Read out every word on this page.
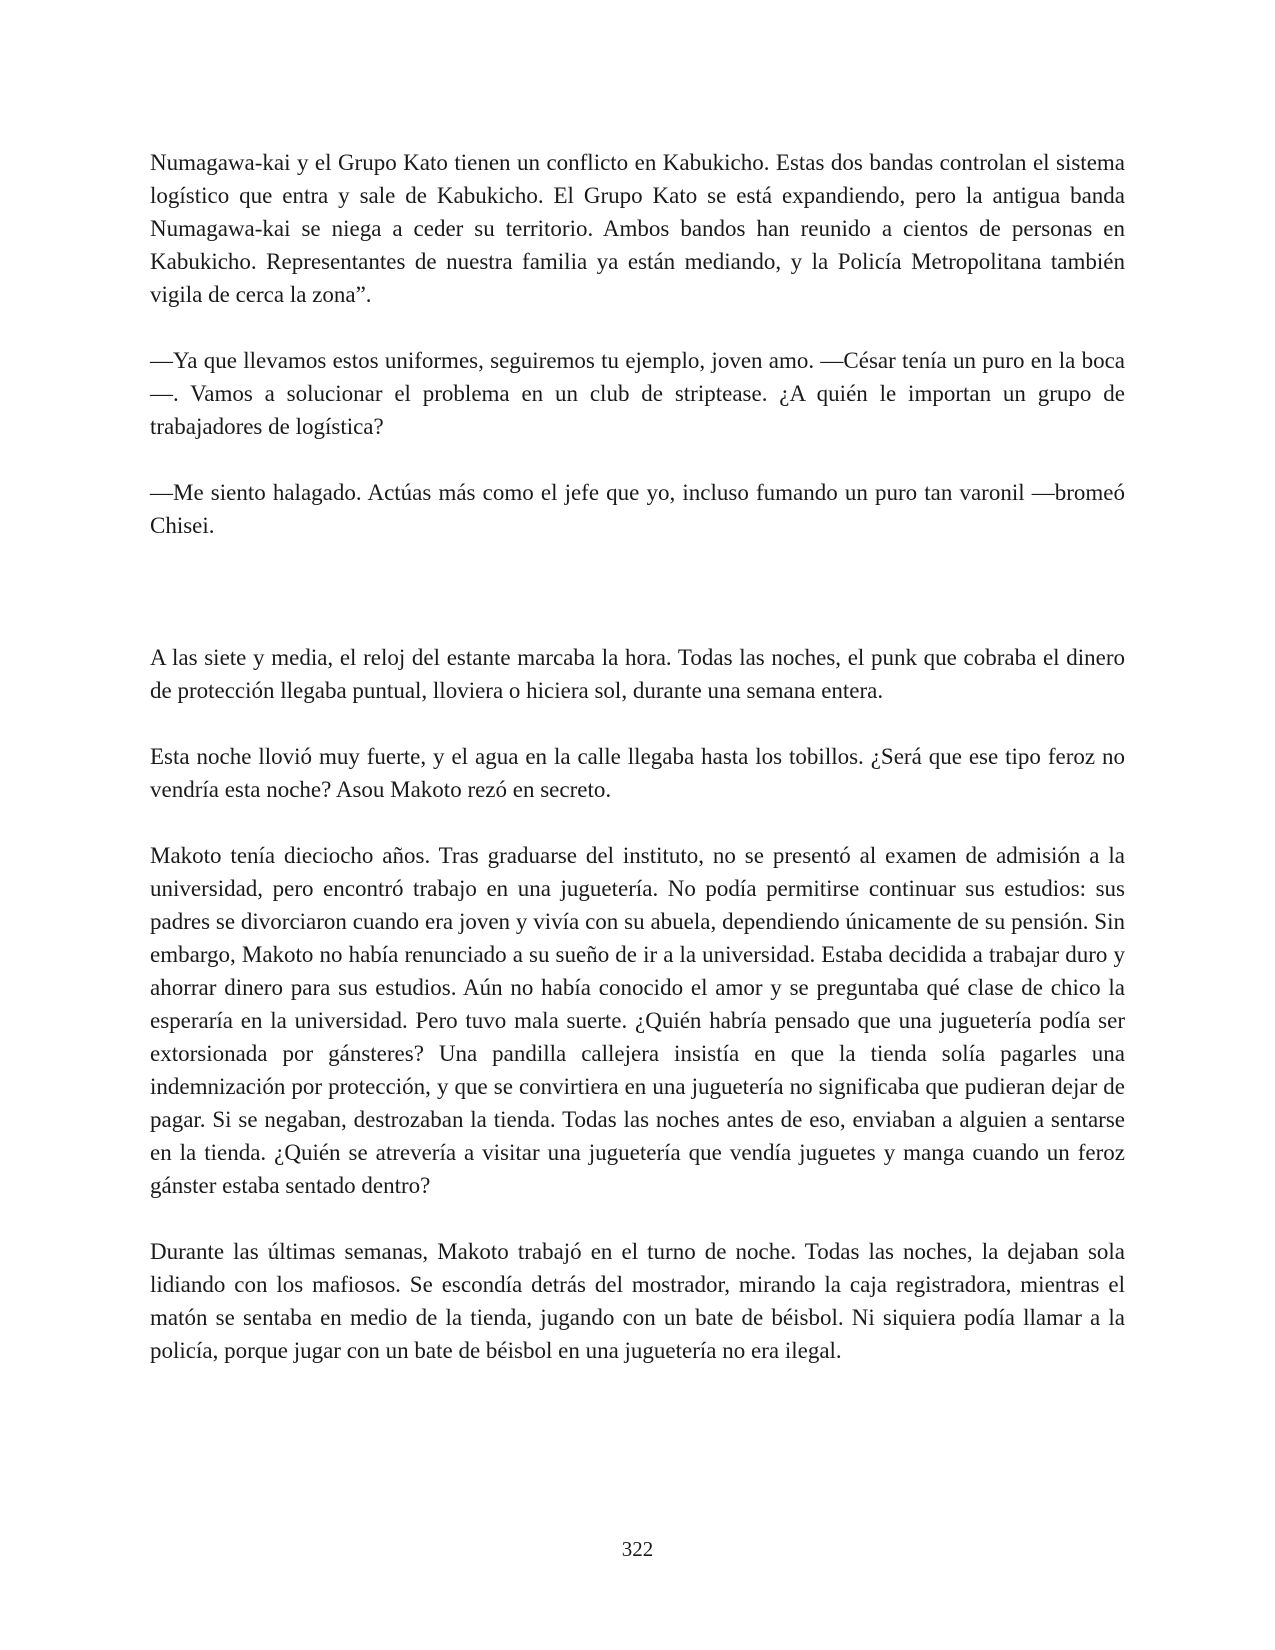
Numagawa-kai y el Grupo Kato tienen un conflicto en Kabukicho. Estas dos bandas controlan el sistema logístico que entra y sale de Kabukicho. El Grupo Kato se está expandiendo, pero la antigua banda Numagawa-kai se niega a ceder su territorio. Ambos bandos han reunido a cientos de personas en Kabukicho. Representantes de nuestra familia ya están mediando, y la Policía Metropolitana también vigila de cerca la zona”.

—Ya que llevamos estos uniformes, seguiremos tu ejemplo, joven amo. —César tenía un puro en la boca—. Vamos a solucionar el problema en un club de striptease. ¿A quién le importan un grupo de trabajadores de logística?

—Me siento halagado. Actúas más como el jefe que yo, incluso fumando un puro tan varonil —bromeó Chisei.

A las siete y media, el reloj del estante marcaba la hora. Todas las noches, el punk que cobraba el dinero de protección llegaba puntual, lloviera o hiciera sol, durante una semana entera.

Esta noche llovió muy fuerte, y el agua en la calle llegaba hasta los tobillos. ¿Será que ese tipo feroz no vendría esta noche? Asou Makoto rezó en secreto.

Makoto tenía dieciocho años. Tras graduarse del instituto, no se presentó al examen de admisión a la universidad, pero encontró trabajo en una juguetería. No podía permitirse continuar sus estudios: sus padres se divorciaron cuando era joven y vivía con su abuela, dependiendo únicamente de su pensión. Sin embargo, Makoto no había renunciado a su sueño de ir a la universidad. Estaba decidida a trabajar duro y ahorrar dinero para sus estudios. Aún no había conocido el amor y se preguntaba qué clase de chico la esperaría en la universidad. Pero tuvo mala suerte. ¿Quién habría pensado que una juguetería podía ser extorsionada por gánsteres? Una pandilla callejera insistía en que la tienda solía pagarles una indemnización por protección, y que se convirtiera en una juguetería no significaba que pudieran dejar de pagar. Si se negaban, destrozaban la tienda. Todas las noches antes de eso, enviaban a alguien a sentarse en la tienda. ¿Quién se atrevería a visitar una juguetería que vendía juguetes y manga cuando un feroz gánster estaba sentado dentro?

Durante las últimas semanas, Makoto trabajó en el turno de noche. Todas las noches, la dejaban sola lidiando con los mafiosos. Se escondía detrás del mostrador, mirando la caja registradora, mientras el matón se sentaba en medio de la tienda, jugando con un bate de béisbol. Ni siquiera podía llamar a la policía, porque jugar con un bate de béisbol en una juguetería no era ilegal.

322
